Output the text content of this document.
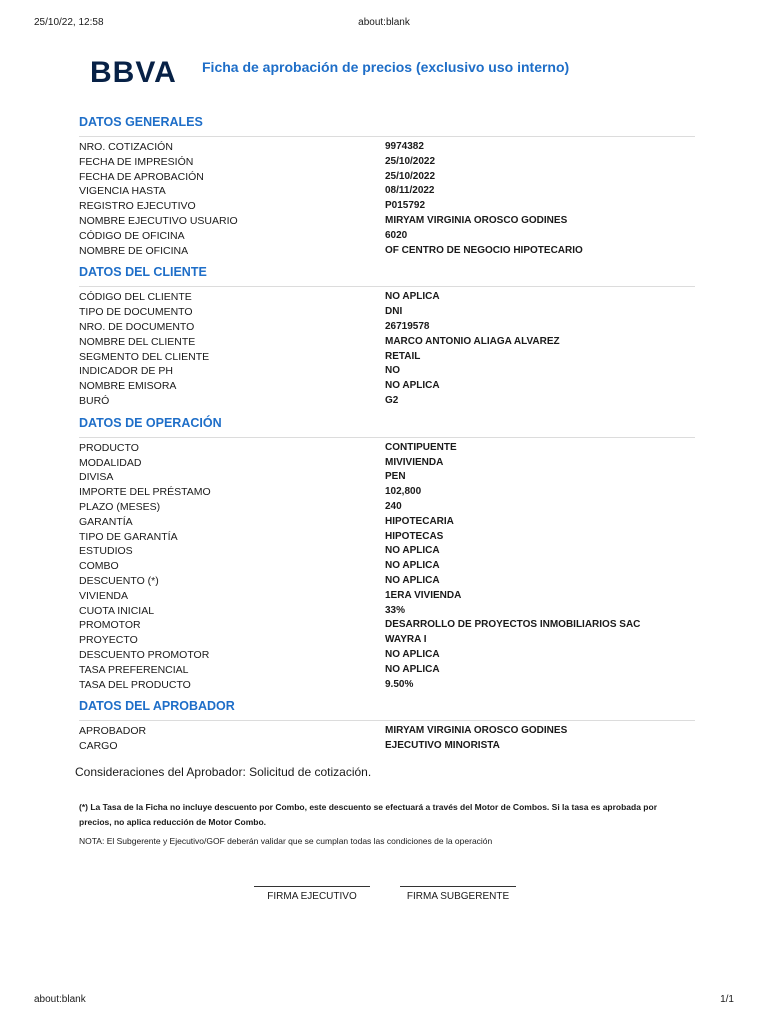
25/10/22, 12:58	about:blank
BBVA Ficha de aprobación de precios (exclusivo uso interno)
DATOS GENERALES
NRO. COTIZACIÓN	9974382
FECHA DE IMPRESIÓN	25/10/2022
FECHA DE APROBACIÓN	25/10/2022
VIGENCIA HASTA	08/11/2022
REGISTRO EJECUTIVO	P015792
NOMBRE EJECUTIVO USUARIO	MIRYAM VIRGINIA OROSCO GODINES
CÓDIGO DE OFICINA	6020
NOMBRE DE OFICINA	OF CENTRO DE NEGOCIO HIPOTECARIO
DATOS DEL CLIENTE
CÓDIGO DEL CLIENTE	NO APLICA
TIPO DE DOCUMENTO	DNI
NRO. DE DOCUMENTO	26719578
NOMBRE DEL CLIENTE	MARCO ANTONIO ALIAGA ALVAREZ
SEGMENTO DEL CLIENTE	RETAIL
INDICADOR DE PH	NO
NOMBRE EMISORA	NO APLICA
BURÓ	G2
DATOS DE OPERACIÓN
PRODUCTO	CONTIPUENTE
MODALIDAD	MIVIVIENDA
DIVISA	PEN
IMPORTE DEL PRÉSTAMO	102,800
PLAZO (MESES)	240
GARANTÍA	HIPOTECARIA
TIPO DE GARANTÍA	HIPOTECAS
ESTUDIOS	NO APLICA
COMBO	NO APLICA
DESCUENTO (*)	NO APLICA
VIVIENDA	1ERA VIVIENDA
CUOTA INICIAL	33%
PROMOTOR	DESARROLLO DE PROYECTOS INMOBILIARIOS SAC
PROYECTO	WAYRA I
DESCUENTO PROMOTOR	NO APLICA
TASA PREFERENCIAL	NO APLICA
TASA DEL PRODUCTO	9.50%
DATOS DEL APROBADOR
APROBADOR	MIRYAM VIRGINIA OROSCO GODINES
CARGO	EJECUTIVO MINORISTA
Consideraciones del Aprobador: Solicitud de cotización.
(*) La Tasa de la Ficha no incluye descuento por Combo, este descuento se efectuará a través del Motor de Combos. Si la tasa es aprobada por precios, no aplica reducción de Motor Combo.
NOTA: El Subgerente y Ejecutivo/GOF deberán validar que se cumplan todas las condiciones de la operación
FIRMA EJECUTIVO	FIRMA SUBGERENTE
about:blank	1/1
